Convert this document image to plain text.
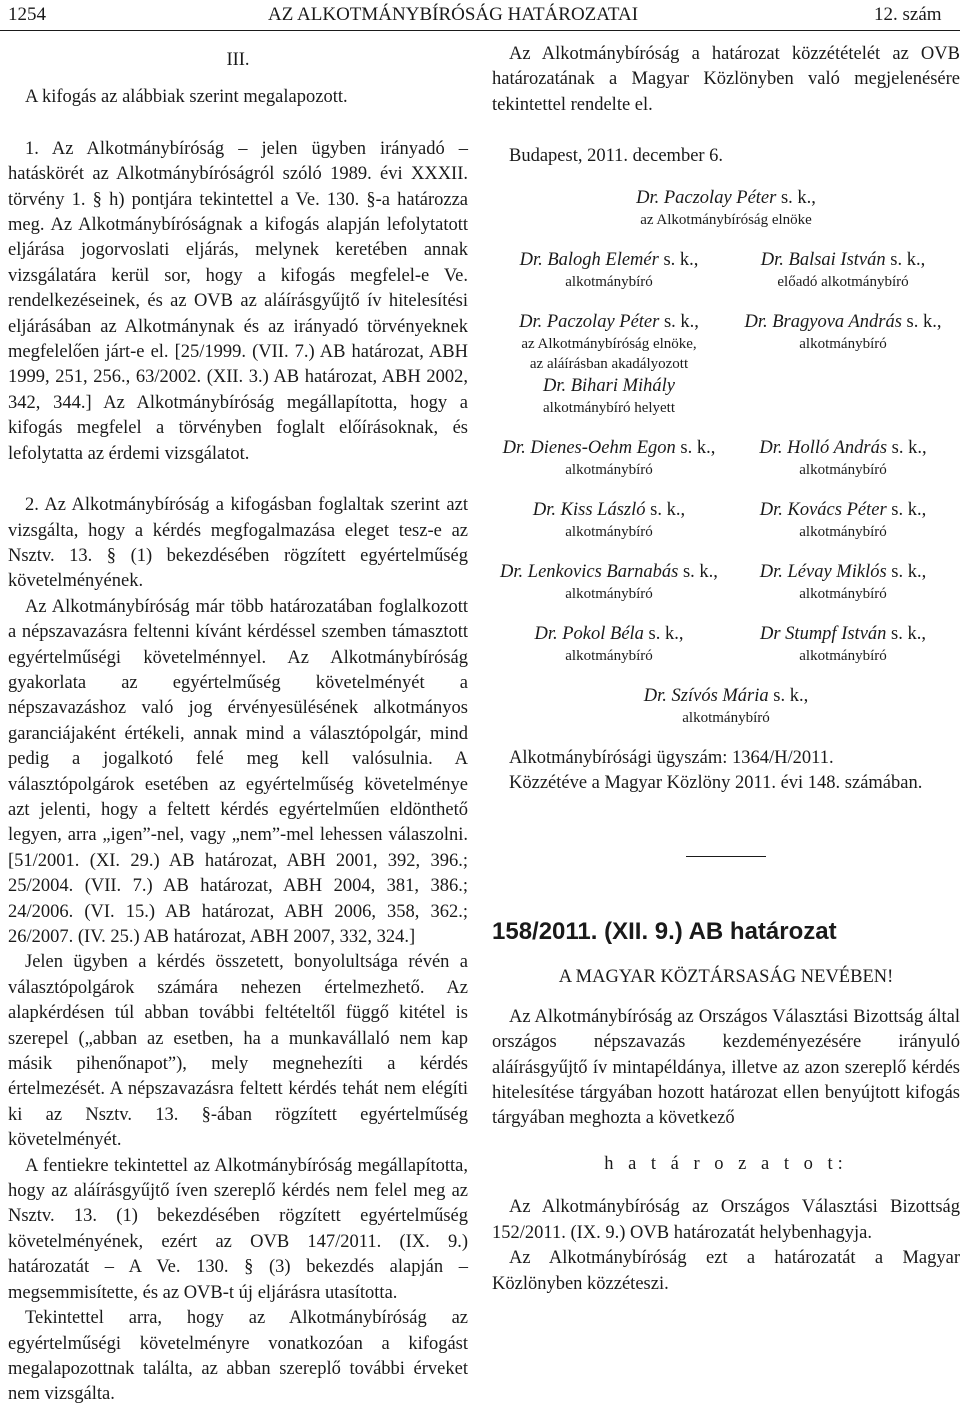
1254	AZ ALKOTMÁNYBÍRÓSÁG HATÁROZATAI	12. szám

III.

A kifogás az alábbiak szerint megalapozott.

1. Az Alkotmánybíróság – jelen ügyben irányadó – hatáskörét az Alkotmánybíróságról szóló 1989. évi XXXII. törvény 1. § h) pontjára tekintettel a Ve. 130. §-a határozza meg. Az Alkotmánybíróságnak a kifogás alapján lefolytatott eljárása jogorvoslati eljárás, melynek keretében annak vizsgálatára kerül sor, hogy a kifogás megfelel-e Ve. rendelkezéseinek, és az OVB az aláírásgyűjtő ív hitelesítési eljárásában az Alkotmánynak és az irányadó törvényeknek megfelelően járt-e el. [25/1999. (VII. 7.) AB határozat, ABH 1999, 251, 256., 63/2002. (XII. 3.) AB határozat, ABH 2002, 342, 344.] Az Alkotmánybíróság megállapította, hogy a kifogás megfelel a törvényben foglalt előírásoknak, és lefolytatta az érdemi vizsgálatot.

2. Az Alkotmánybíróság a kifogásban foglaltak szerint azt vizsgálta, hogy a kérdés megfogalmazása eleget tesz-e az Nsztv. 13. § (1) bekezdésében rögzített egyértelműség követelményének.

Az Alkotmánybíróság már több határozatában foglalkozott a népszavazásra feltenni kívánt kérdéssel szemben támasztott egyértelműségi követelménnyel. Az Alkotmánybíróság gyakorlata az egyértelműség követelményét a népszavazáshoz való jog érvényesülésének alkotmányos garanciájaként értékeli, annak mind a választópolgár, mind pedig a jogalkotó felé meg kell valósulnia. A választópolgárok esetében az egyértelműség követelménye azt jelenti, hogy a feltett kérdés egyértelműen eldönthető legyen, arra „igen”-nel, vagy „nem”-mel lehessen válaszolni. [51/2001. (XI. 29.) AB határozat, ABH 2001, 392, 396.; 25/2004. (VII. 7.) AB határozat, ABH 2004, 381, 386.; 24/2006. (VI. 15.) AB határozat, ABH 2006, 358, 362.; 26/2007. (IV. 25.) AB határozat, ABH 2007, 332, 324.]

Jelen ügyben a kérdés összetett, bonyolultsága révén a választópolgárok számára nehezen értelmezhető. Az alapkérdésen túl abban további feltételtől függő kitétel is szerepel („abban az esetben, ha a munkavállaló nem kap másik pihenőnapot”), mely megnehezíti a kérdés értelmezését. A népszavazásra feltett kérdés tehát nem elégíti ki az Nsztv. 13. §-ában rögzített egyértelműség követelményét.

A fentiekre tekintettel az Alkotmánybíróság megállapította, hogy az aláírásgyűjtő íven szereplő kérdés nem felel meg az Nsztv. 13. (1) bekezdésében rögzített egyértelműség követelményének, ezért az OVB 147/2011. (IX. 9.) határozatát – A Ve. 130. § (3) bekezdés alapján – megsemmisítette, és az OVB-t új eljárásra utasította.

Tekintettel arra, hogy az Alkotmánybíróság az egyértelműségi követelményre vonatkozóan a kifogást megalapozottnak találta, az abban szereplő további érveket nem vizsgálta.

Az Alkotmánybíróság a határozat közzétételét az OVB határozatának a Magyar Közlönyben való megjelenésére tekintettel rendelte el.

Budapest, 2011. december 6.

Dr. Paczolay Péter s. k.,
az Alkotmánybíróság elnöke
Dr. Balogh Elemér s. k.,
alkotmánybíró
Dr. Balsai István s. k.,
előadó alkotmánybíró
Dr. Paczolay Péter s. k.,
az Alkotmánybíróság elnöke,
az aláírásban akadályozott
Dr. Bihari Mihály
alkotmánybíró helyett
Dr. Bragyova András s. k.,
alkotmánybíró
Dr. Dienes-Oehm Egon s. k.,
alkotmánybíró
Dr. Holló András s. k.,
alkotmánybíró
Dr. Kiss László s. k.,
alkotmánybíró
Dr. Kovács Péter s. k.,
alkotmánybíró
Dr. Lenkovics Barnabás s. k.,
alkotmánybíró
Dr. Lévay Miklós s. k.,
alkotmánybíró
Dr. Pokol Béla s. k.,
alkotmánybíró
Dr Stumpf István s. k.,
alkotmánybíró
Dr. Szívós Mária s. k.,
alkotmánybíró

Alkotmánybírósági ügyszám: 1364/H/2011.

Közzétéve a Magyar Közlöny 2011. évi 148. számában.

158/2011. (XII. 9.) AB határozat

A MAGYAR KÖZTÁRSASÁG NEVÉBEN!

Az Alkotmánybíróság az Országos Választási Bizottság által országos népszavazás kezdeményezésére irányuló aláírásgyűjtő ív mintapéldánya, illetve az azon szereplő kérdés hitelesítése tárgyában hozott határozat ellen benyújtott kifogás tárgyában meghozta a következő

h a t á r o z a t o t:

Az Alkotmánybíróság az Országos Választási Bizottság 152/2011. (IX. 9.) OVB határozatát helybenhagyja.

Az Alkotmánybíróság ezt a határozatát a Magyar Közlönyben közzéteszi.
